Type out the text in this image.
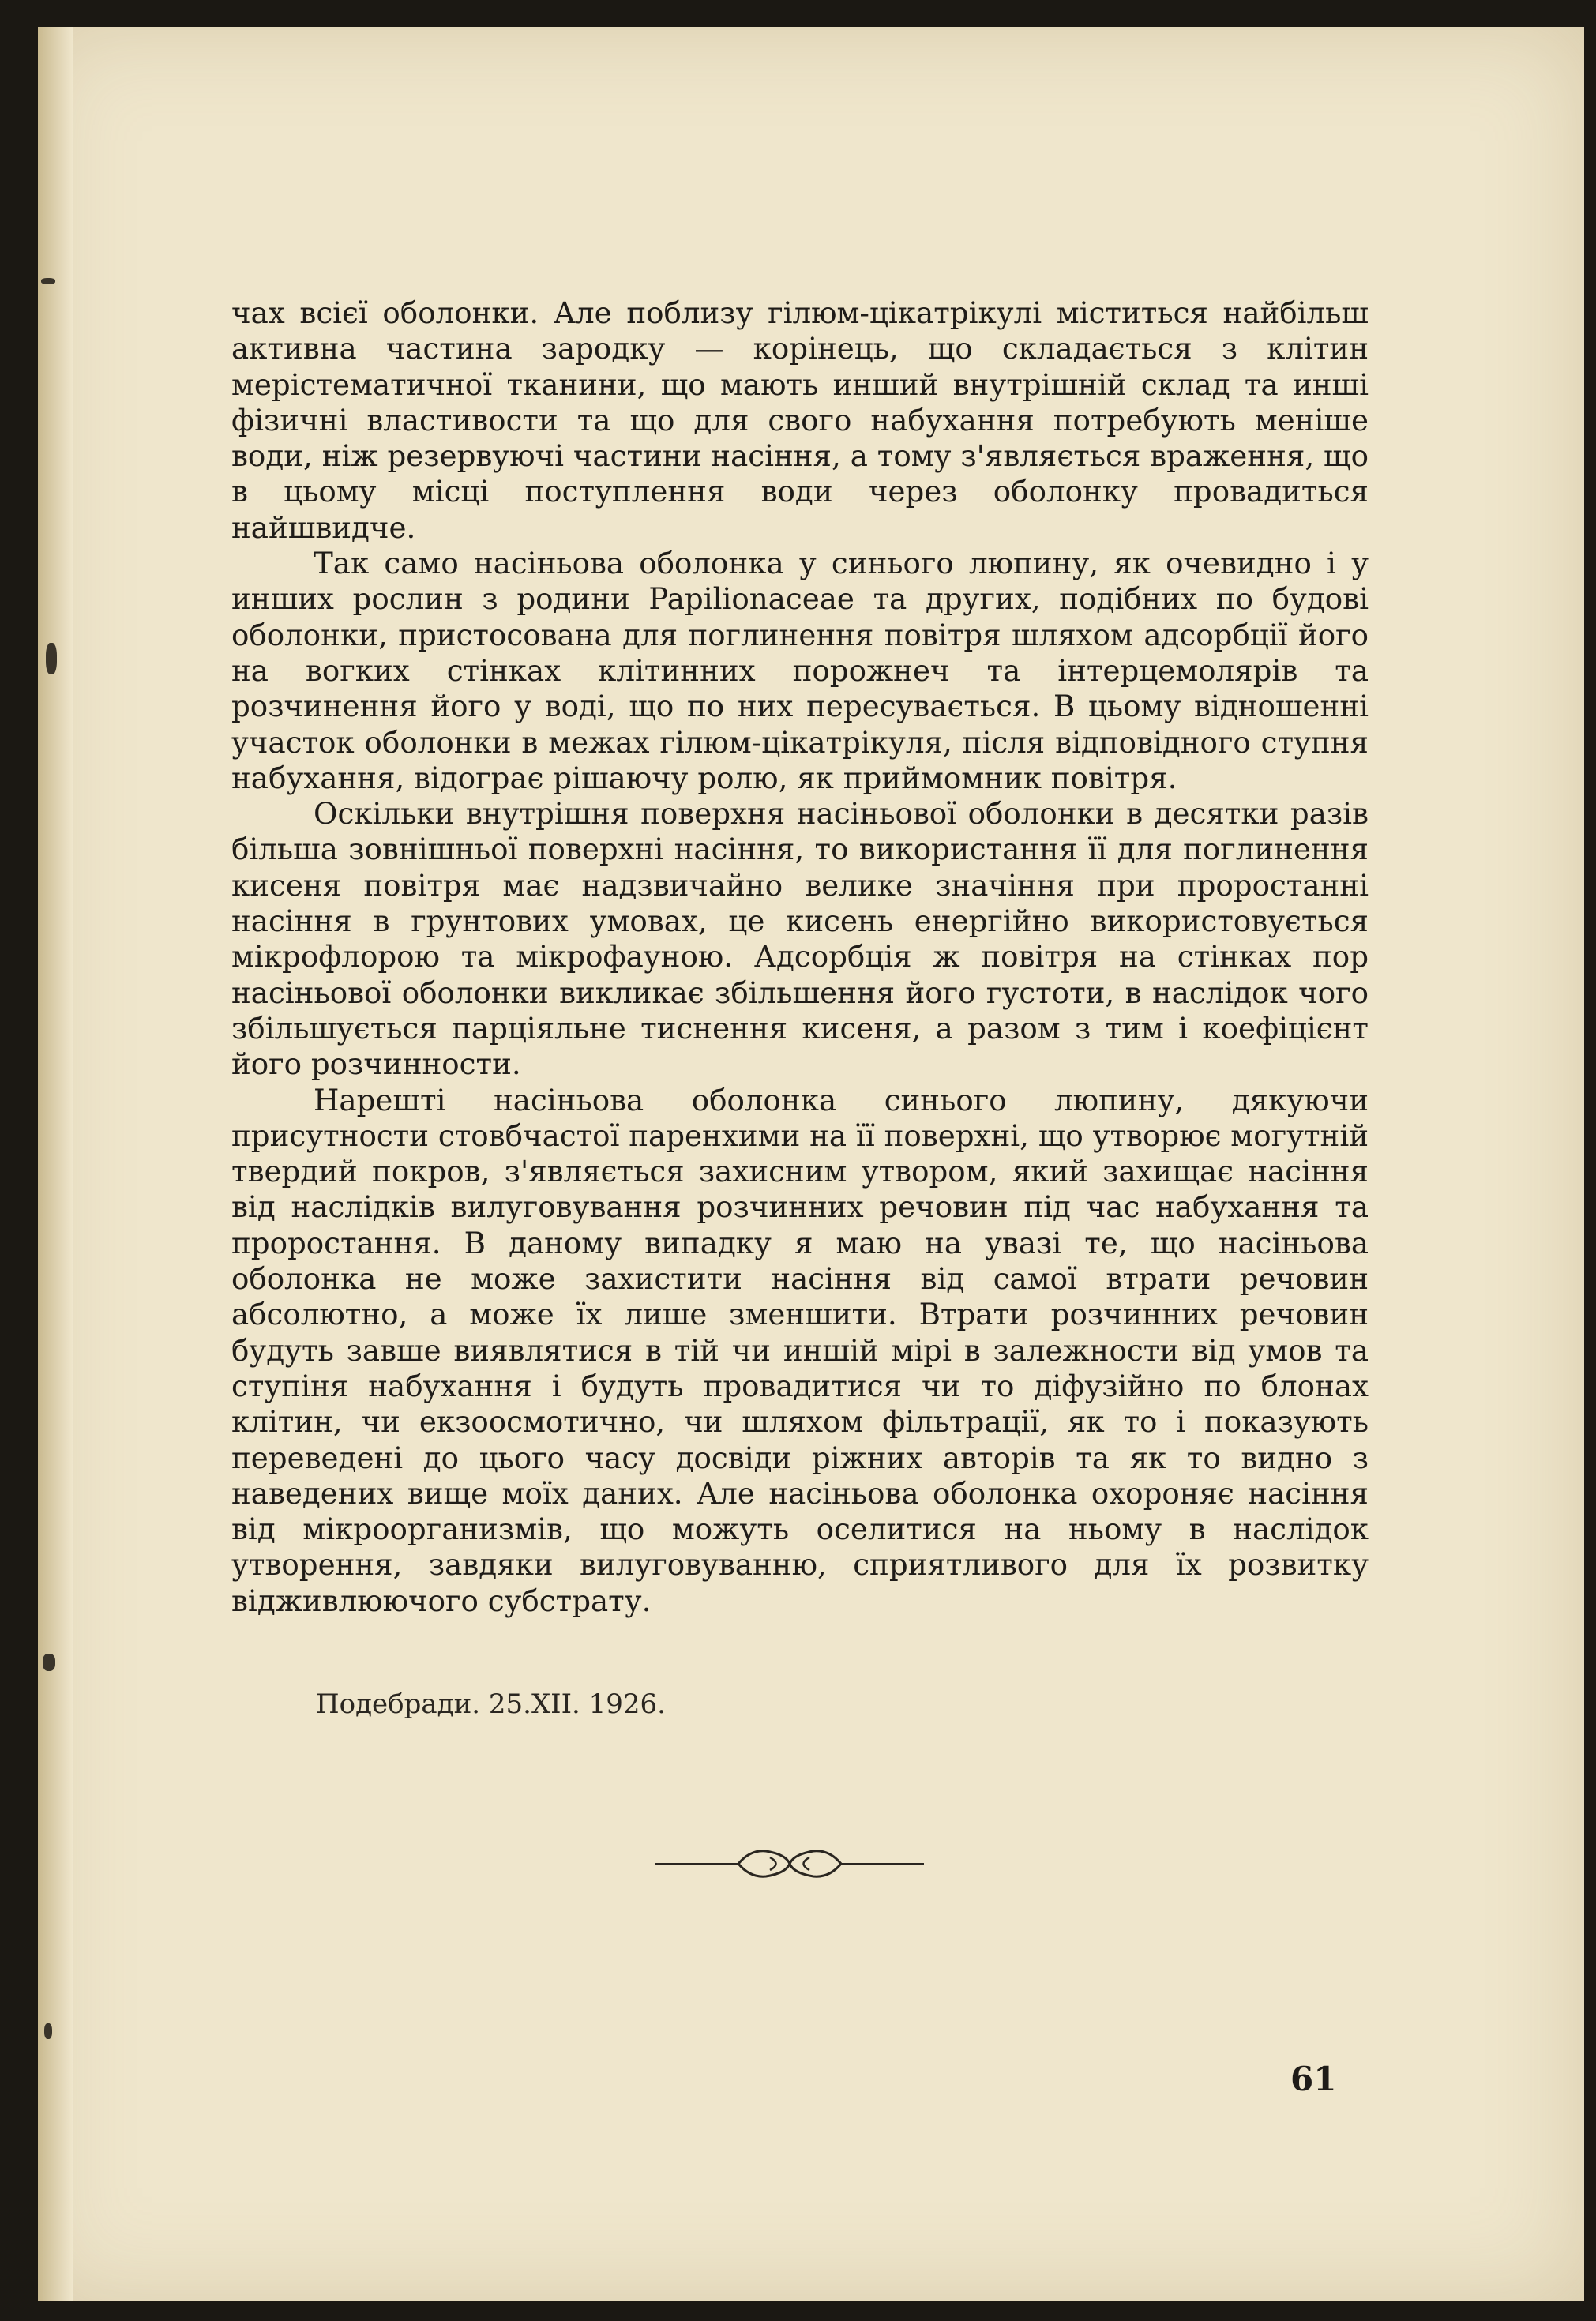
чах всієї оболонки. Але поблизу гілюм-цікатрікулі міститься найбільш активна частина зародку — корінець, що складається з клітин мерістематичної тканини, що мають инший внутрішній склад та инші фізичні властивости та що для свого набухання потребують меніше води, ніж резервуючі частини насіння, а тому з'являється враження, що в цьому місці поступлення води через оболонку провадиться найшвидче.

Так само насіньова оболонка у синього люпину, як очевидно і у инших рослин з родини Papilionaceae та других, подібних по будові оболонки, пристосована для поглинення повітря шляхом адсорбції його на вогких стінках клітинних порожнеч та інтерцемолярів та розчинення його у воді, що по них пересувається. В цьому відношенні участок оболонки в межах гілюм-цікатрікуля, після відповідного ступня набухання, відограє рішаючу ролю, як приймомник повітря.

Оскільки внутрішня поверхня насіньової оболонки в десятки разів більша зовнішньої поверхні насіння, то використання її для поглинення кисеня повітря має надзвичайно велике значіння при проростанні насіння в грунтових умовах, це кисень енергійно використовується мікрофлорою та мікрофауною. Адсорбція ж повітря на стінках пор насіньової оболонки викликає збільшення його густоти, в наслідок чого збільшується парціяльне тиснення кисеня, а разом з тим і коефіцієнт його розчинности.

Нарешті насіньова оболонка синього люпину, дякуючи присутности стовбчастої паренхими на її поверхні, що утворює могутній твердий покров, з'являється захисним утвором, який захищає насіння від наслідків вилуговування розчинних речовин під час набухання та проростання. В даному випадку я маю на увазі те, що насіньова оболонка не може захистити насіння від самої втрати речовин абсолютно, а може їх лише зменшити. Втрати розчинних речовин будуть завше виявлятися в тій чи иншій мірі в залежности від умов та ступіня набухання і будуть провадитися чи то діфузійно по блонах клітин, чи екзоосмотично, чи шляхом фільтрації, як то і показують переведені до цього часу досвіди ріжних авторів та як то видно з наведених вище моїх даних. Але насіньова оболонка охороняє насіння від мікроорганизмів, що можуть оселитися на ньому в наслідок утворення, завдяки вилуговуванню, сприятливого для їх розвитку відживлюючого субстрату.

Подебради. 25.XII. 1926.
61
